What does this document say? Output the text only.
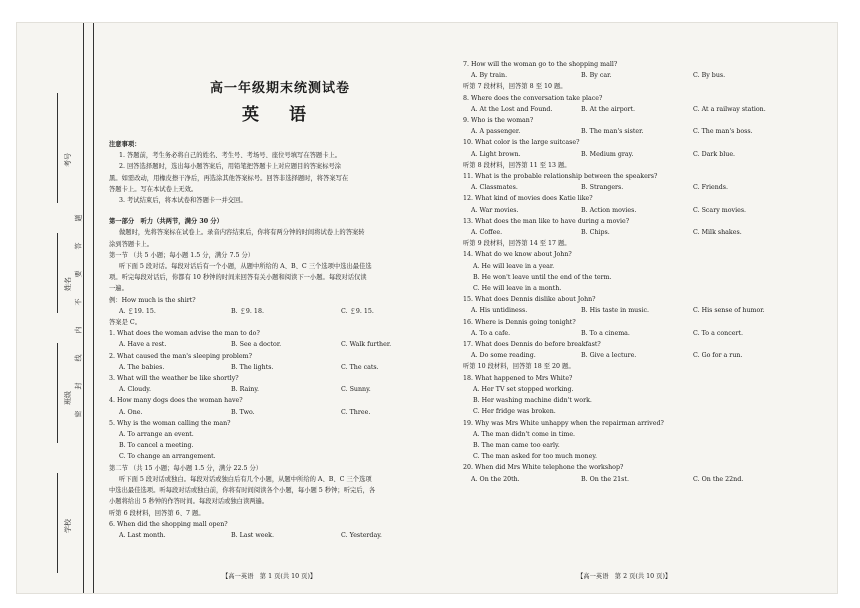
考号
姓名
班级
学校
题
答
要
不
内
线
封
密
高一年级期末统测试卷
英 语
注意事项：
1. 答题前，考生务必将自己的姓名、考生号、考场号、座位号填写在答题卡上。
2. 回答选择题时，选出每小题答案后，用铅笔把答题卡上对应题目的答案标号涂
黑。如需改动，用橡皮擦干净后，再选涂其他答案标号。回答非选择题时，将答案写在
答题卡上。写在本试卷上无效。
3. 考试结束后，将本试卷和答题卡一并交回。
第一部分　听力（共两节，满分 30 分）
做题时，先将答案标在试卷上。录音内容结束后，你将有两分钟的时间将试卷上的答案转
涂到答题卡上。
第一节 （共 5 小题；每小题 1.5 分，满分 7.5 分）
听下面 5 段对话。每段对话后有一个小题，从题中所给的 A、B、C 三个选项中选出最佳选
项。听完每段对话后，你都有 10 秒钟的时间来回答有关小题和阅读下一小题。每段对话仅读
一遍。
例：How much is the shirt?
A. ￡19. 15.	B. ￡9. 18.	C. ￡9. 15.
答案是 C。
1. What does the woman advise the man to do?
A. Have a rest.	B. See a doctor.	C. Walk further.
2. What caused the man's sleeping problem?
A. The babies.	B. The lights.	C. The cats.
3. What will the weather be like shortly?
A. Cloudy.	B. Rainy.	C. Sunny.
4. How many dogs does the woman have?
A. One.	B. Two.	C. Three.
5. Why is the woman calling the man?
A. To arrange an event.
B. To cancel a meeting.
C. To change an arrangement.
第二节 （共 15 小题；每小题 1.5 分，满分 22.5 分）
听下面 5 段对话或独白。每段对话或独白后有几个小题，从题中所给的 A、B、C 三个选项
中选出最佳选项。听每段对话或独白前，你将有时间阅读各个小题，每小题 5 秒钟；听完后，各
小题将给出 5 秒钟的作答时间。每段对话或独白读两遍。
听第 6 段材料，回答第 6、7 题。
6. When did the shopping mall open?
A. Last month.	B. Last week.	C. Yesterday.
【高一英语　第 1 页(共 10 页)】
7. How will the woman go to the shopping mall?
A. By train.	B. By car.	C. By bus.
听第 7 段材料，回答第 8 至 10 题。
8. Where does the conversation take place?
A. At the Lost and Found.	B. At the airport.	C. At a railway station.
9. Who is the woman?
A. A passenger.	B. The man's sister.	C. The man's boss.
10. What color is the large suitcase?
A. Light brown.	B. Medium gray.	C. Dark blue.
听第 8 段材料，回答第 11 至 13 题。
11. What is the probable relationship between the speakers?
A. Classmates.	B. Strangers.	C. Friends.
12. What kind of movies does Katie like?
A. War movies.	B. Action movies.	C. Scary movies.
13. What does the man like to have during a movie?
A. Coffee.	B. Chips.	C. Milk shakes.
听第 9 段材料，回答第 14 至 17 题。
14. What do we know about John?
A. He will leave in a year.
B. He won't leave until the end of the term.
C. He will leave in a month.
15. What does Dennis dislike about John?
A. His untidiness.	B. His taste in music.	C. His sense of humor.
16. Where is Dennis going tonight?
A. To a cafe.	B. To a cinema.	C. To a concert.
17. What does Dennis do before breakfast?
A. Do some reading.	B. Give a lecture.	C. Go for a run.
听第 10 段材料，回答第 18 至 20 题。
18. What happened to Mrs White?
A. Her TV set stopped working.
B. Her washing machine didn't work.
C. Her fridge was broken.
19. Why was Mrs White unhappy when the repairman arrived?
A. The man didn't come in time.
B. The man came too early.
C. The man asked for too much money.
20. When did Mrs White telephone the workshop?
A. On the 20th.	B. On the 21st.	C. On the 22nd.
【高一英语　第 2 页(共 10 页)】
